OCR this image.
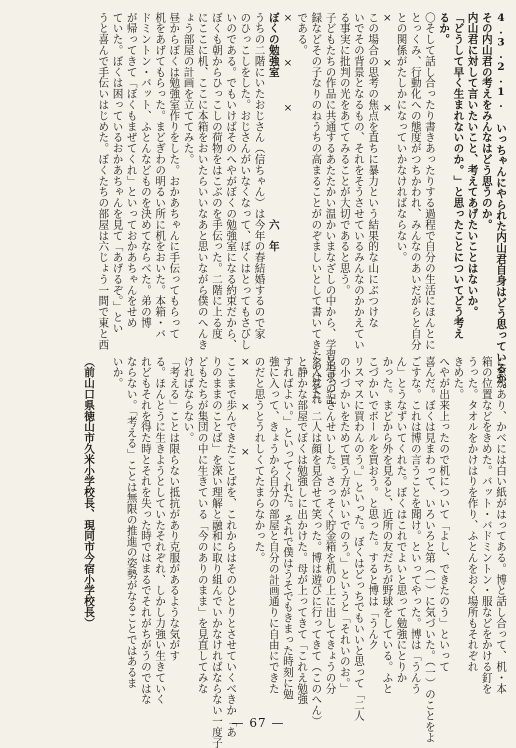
4.3.2.1. いっちゃんにやられた内山君自身はどう思っているか。
その内山君の考えをみんなはどう思うのか。
内山君に対して言いたいこと、考えてあげたいことはないか。
「どうして早く生まれないのか。」と思ったことについてどう考え
るか。
〇そして話し合ったり書きあったりする過程で自分の生活にほんとに
とっくみ、行動化への態度がつちかわれ、みんなのあいだがらと自分
との関係がたしかになっていかなければならない。
×　　　×　　　×
この場合の思考の焦点を直ちに暴力という結果的な山にぶつけな
いでその背景となるもの、それをそうさせているみんなのかかえてい
る事実に批判の光をあててみることが大切であると思う。
子どもたちの作品に共通するあたたかい温かいまなざしの中から、学習追求の記
録などその子なりのねうちの高まることがのぞましいとして書いてきたのはそれ
である。
×　　　×　　　×
ぼくの勉強室　　　　　　　　　　　　　六　年
うちの二階にいたおじさん（信ちゃん）は今年の春結婚するので家
のひっこしをした。おじさんがいなくなって、ぼくはとってもさびし
いのである。でもいけばそのへやがぼくの勉強室になる約束だから、
ぼくも朝からひっこしの荷物をはこぶのを手伝った。二階に上る度
にここに机、ここに本箱をおいたらいいなあと思いながら僕のへんき
ょう部屋の計画を立ててみた。
昼からぼくは勉強室作りをした。おかあちゃんに手伝ってもらって
机をあげてもらった。まどぎわの明るい所に机をおいた。本箱・バ
ドミントン・バット、ふとんなどものを決めてならべた。弟の博
が帰ってきて「ぼくもまぜてくれ」といっておかあちゃんをせめ
ていた。ぼくは困っているおかあちゃんを見て「あげるぞ。」とい
うと喜んで手伝いはじめた。ぼくたちの部屋は六じょう一間で東と西
に窓があり、かべには白い紙がはってある。博と話し合って、机・本
箱の位置などをきめた。バット・バドミントン・服などをかける釘を
うった。タオルをかけはりを作り、ふとんをおく場所もそれぞれ
きめた。
へやが出来上ったので机について「よし、できたのう」といって
喜んだ。ぼくは見まわって、いろいろと第（一）に気づいた。（一）のことをよ
ごすな。これは博の言うことを聞け。といってやった。博は「うんう
ん」とうなずいてくれた。ぼくはこれでよいと思って勉強にとりか
かった。まどから外を見ると、近所の友だちが野球をしている。ふと
こづかいでボールを買おう。と思った。すると博は「うんク
リスマスに買わんのう。」といった。ぼくはどっちでもいいと思って「二人
の小づかいをためて買う方がいいでのう。」というと「それいのお。」
と言ってさんせいした。さっそく貯金箱を机の上に出してきょうの分
を入れた。二人は顔を見合せて笑った。博は遊びに行ってきて（このへん）
と静かな部屋でぼくは勉強しに出かけた。母が上ってきて「これえ勉強
すればよい。」といってくれた。それで僕はうそでもきまった時刻に勉
強に入って、きょうから自分の部屋と自分の計画通りに自由にできた
のだと思うとうれしくてたまらなかった。
×　　　×　　　×
ここまで歩んできたことばを、これからはそのひとりとさせていくべきか「あ
りのままのことば」を深い理解と融和に取り組んでいかなければならない一度子
どもたちが集団の中に生きている「今のありのまま」を見直してみな
ければならない。
「考える」ことは限らない抵抗があり克服があるような気がす
る。ほんとうに生きようとしていたそれぞれ、しかし力強い生きていく
れどもそれを得た時とそれを失った時ではまるでそれがちがうのではな
ならない。「考える」ことは無限の推進の姿勢がなることではあるま
いか。

（前山口県徳山市久米小学校長、現同市今宿小学校長）
— 67 —
